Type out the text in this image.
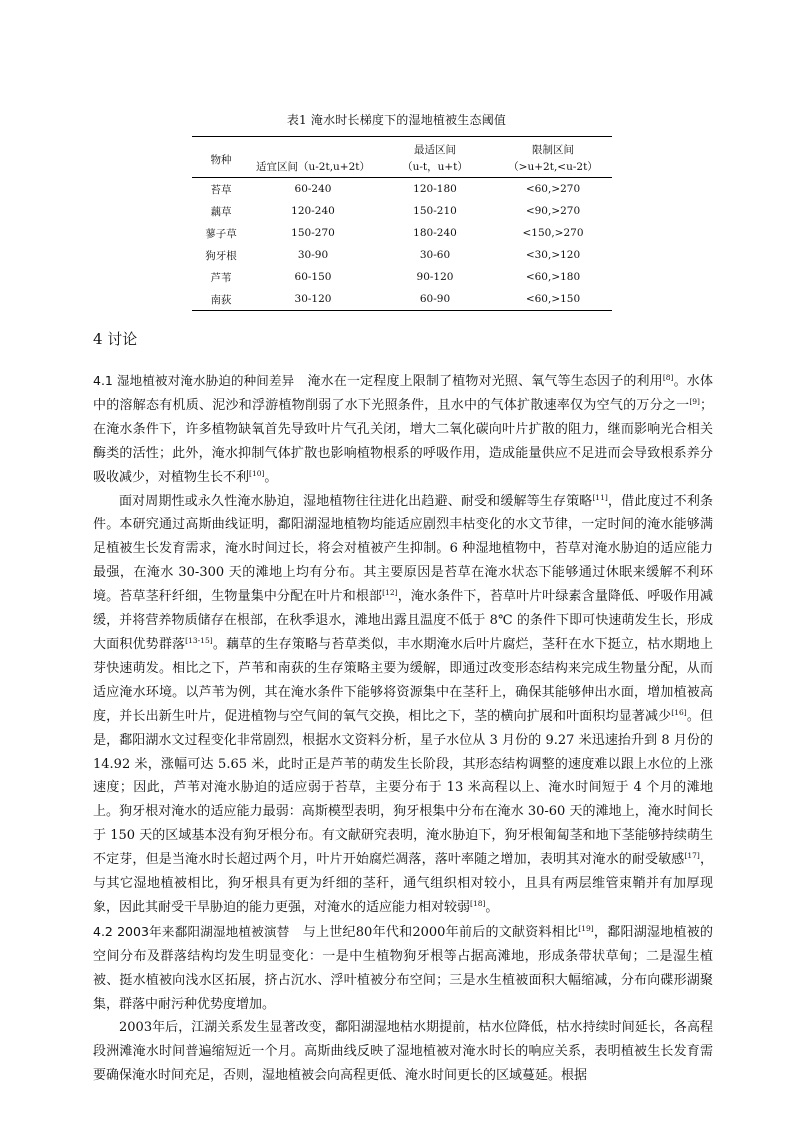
表1 淹水时长梯度下的湿地植被生态阈值
物种		最适区间	限制区间
	适宜区间（u-2t,u+2t）	（u-t，u+t）	（>u+2t,<u-2t）
苔草	60-240	120-180	<60,>270
藕草	120-240	150-210	<90,>270
蓼子草	150-270	180-240	<150,>270
狗牙根	30-90	30-60	<30,>120
芦苇	60-150	90-120	<60,>180
南荻	30-120	60-90	<60,>150
4 讨论

4.1 湿地植被对淹水胁迫的种间差异　 淹水在一定程度上限制了植物对光照、氧气等生态因子的利用[8]。水体中的溶解态有机质、泥沙和浮游植物削弱了水下光照条件，且水中的气体扩散速率仅为空气的万分之一[9]；在淹水条件下，许多植物缺氧首先导致叶片气孔关闭，增大二氧化碳向叶片扩散的阻力，继而影响光合相关酶类的活性；此外，淹水抑制气体扩散也影响植物根系的呼吸作用，造成能量供应不足进而会导致根系养分吸收减少，对植物生长不利[10]。

面对周期性或永久性淹水胁迫，湿地植物往往进化出趋避、耐受和缓解等生存策略[11]，借此度过不利条件。本研究通过高斯曲线证明，鄱阳湖湿地植物均能适应剧烈丰枯变化的水文节律，一定时间的淹水能够满足植被生长发育需求，淹水时间过长，将会对植被产生抑制。6 种湿地植物中，苔草对淹水胁迫的适应能力最强，在淹水 30-300 天的滩地上均有分布。其主要原因是苔草在淹水状态下能够通过休眠来缓解不利环境。苔草茎秆纤细，生物量集中分配在叶片和根部[12]，淹水条件下，苔草叶片叶绿素含量降低、呼吸作用减缓，并将营养物质储存在根部，在秋季退水，滩地出露且温度不低于 8℃ 的条件下即可快速萌发生长，形成大面积优势群落[13-15]。藕草的生存策略与苔草类似，丰水期淹水后叶片腐烂，茎秆在水下挺立，枯水期地上芽快速萌发。相比之下，芦苇和南荻的生存策略主要为缓解，即通过改变形态结构来完成生物量分配，从而适应淹水环境。以芦苇为例，其在淹水条件下能够将资源集中在茎秆上，确保其能够伸出水面，增加植被高度，并长出新生叶片，促进植物与空气间的氧气交换，相比之下，茎的横向扩展和叶面积均显著减少[16]。但是，鄱阳湖水文过程变化非常剧烈，根据水文资料分析，星子水位从 3 月份的 9.27 米迅速抬升到 8 月份的 14.92 米，涨幅可达 5.65 米，此时正是芦苇的萌发生长阶段，其形态结构调整的速度难以跟上水位的上涨速度；因此，芦苇对淹水胁迫的适应弱于苔草，主要分布于 13 米高程以上、淹水时间短于 4 个月的滩地上。狗牙根对淹水的适应能力最弱：高斯模型表明，狗牙根集中分布在淹水 30-60 天的滩地上，淹水时间长于 150 天的区域基本没有狗牙根分布。有文献研究表明，淹水胁迫下，狗牙根匍匐茎和地下茎能够持续萌生不定芽，但是当淹水时长超过两个月，叶片开始腐烂凋落，落叶率随之增加，表明其对淹水的耐受敏感[17]，与其它湿地植被相比，狗牙根具有更为纤细的茎秆，通气组织相对较小，且具有两层维管束鞘并有加厚现象，因此其耐受干旱胁迫的能力更强，对淹水的适应能力相对较弱[18]。

4.2 2003年来鄱阳湖湿地植被演替　 与上世纪80年代和2000年前后的文献资料相比[19]，鄱阳湖湿地植被的空间分布及群落结构均发生明显变化：一是中生植物狗牙根等占据高滩地，形成条带状草甸；二是湿生植被、挺水植被向浅水区拓展，挤占沉水、浮叶植被分布空间；三是水生植被面积大幅缩减，分布向碟形湖聚集，群落中耐污种优势度增加。

2003年后，江湖关系发生显著改变，鄱阳湖湿地枯水期提前，枯水位降低，枯水持续时间延长，各高程段洲滩淹水时间普遍缩短近一个月。高斯曲线反映了湿地植被对淹水时长的响应关系，表明植被生长发育需要确保淹水时间充足，否则，湿地植被会向高程更低、淹水时间更长的区域蔓延。根据
